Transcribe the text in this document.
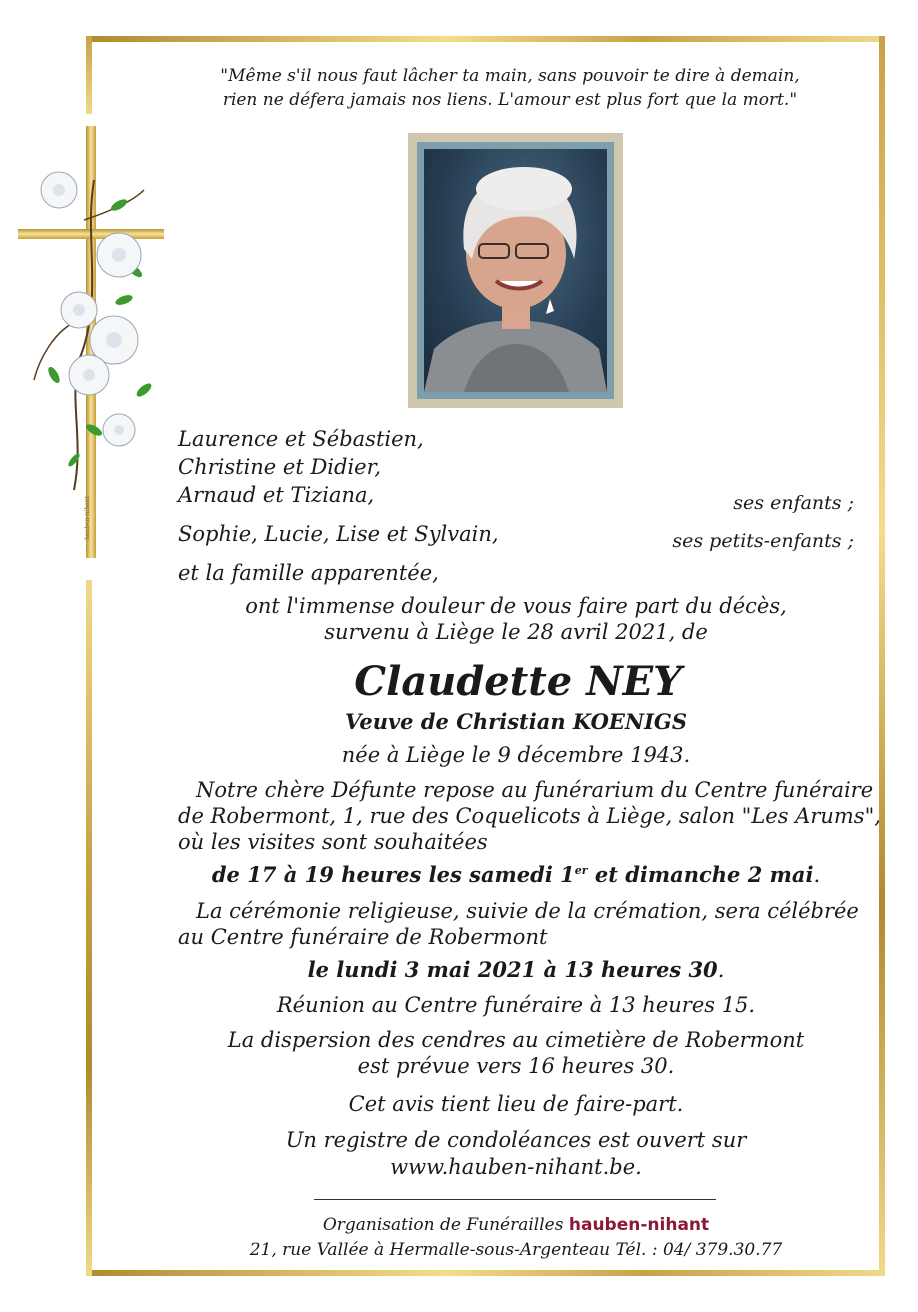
hauben-nihant
"Même s'il nous faut lâcher ta main, sans pouvoir te dire à demain,
rien ne défera jamais nos liens. L'amour est plus fort que la mort."
Laurence et Sébastien,
Christine et Didier,
Arnaud et Tiziana,	ses enfants ;
Sophie, Lucie, Lise et Sylvain,	ses petits-enfants ;
et la famille apparentée,
ont l'immense douleur de vous faire part du décès,
survenu à Liège le 28 avril 2021, de
Claudette NEY
Veuve de Christian KOENIGS
née à Liège le 9 décembre 1943.
Notre chère Défunte repose au funérarium du Centre funéraire
de Robermont, 1, rue des Coquelicots à Liège, salon "Les Arums",
où les visites sont souhaitées
de 17 à 19 heures les samedi 1er et dimanche 2 mai.
La cérémonie religieuse, suivie de la crémation, sera célébrée
au Centre funéraire de Robermont
le lundi 3 mai 2021 à 13 heures 30.
Réunion au Centre funéraire à 13 heures 15.
La dispersion des cendres au cimetière de Robermont
est prévue vers 16 heures 30.
Cet avis tient lieu de faire-part.
Un registre de condoléances est ouvert sur
www.hauben-nihant.be.
Organisation de Funérailles hauben-nihant
21, rue Vallée à Hermalle-sous-Argenteau Tél. : 04/ 379.30.77
